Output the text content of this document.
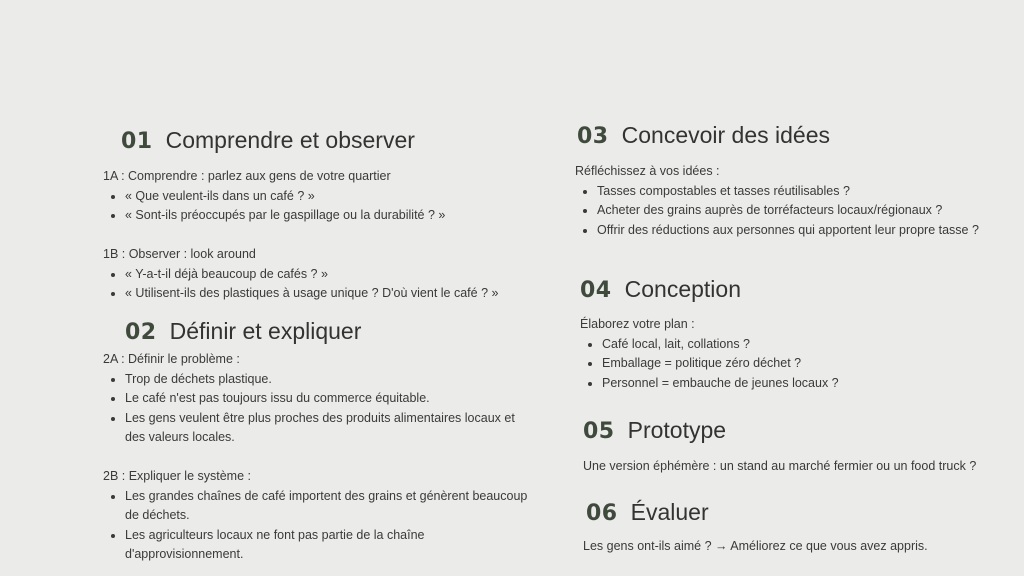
01 Comprendre et observer
1A : Comprendre : parlez aux gens de votre quartier
• « Que veulent-ils dans un café ? »
• « Sont-ils préoccupés par le gaspillage ou la durabilité ? »
1B : Observer : look around
• « Y-a-t-il déjà beaucoup de cafés ? »
• « Utilisent-ils des plastiques à usage unique ? D'où vient le café ? »
02 Définir et expliquer
2A : Définir le problème :
• Trop de déchets plastique.
• Le café n'est pas toujours issu du commerce équitable.
• Les gens veulent être plus proches des produits alimentaires locaux et des valeurs locales.
2B : Expliquer le système :
• Les grandes chaînes de café importent des grains et génèrent beaucoup de déchets.
• Les agriculteurs locaux ne font pas partie de la chaîne d'approvisionnement.
03 Concevoir des idées
Réfléchissez à vos idées :
• Tasses compostables et tasses réutilisables ?
• Acheter des grains auprès de torréfacteurs locaux/régionaux ?
• Offrir des réductions aux personnes qui apportent leur propre tasse ?
04 Conception
Élaborez votre plan :
• Café local, lait, collations ?
• Emballage = politique zéro déchet ?
• Personnel = embauche de jeunes locaux ?
05 Prototype

Une version éphémère : un stand au marché fermier ou un food truck ?

06 Évaluer

Les gens ont-ils aimé ? → Améliorez ce que vous avez appris.
